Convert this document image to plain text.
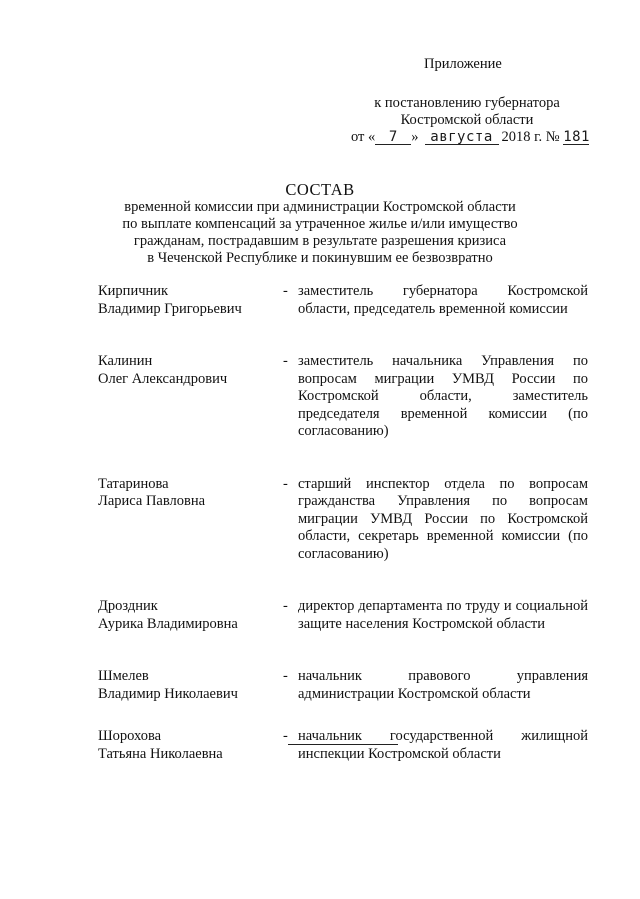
Приложение
к постановлению губернатора
Костромской области
от « 7 » августа 2018 г. № 181
СОСТАВ
временной комиссии при администрации Костромской области
по выплате компенсаций за утраченное жилье и/или имущество
гражданам, пострадавшим в результате разрешения кризиса
в Чеченской Республике и покинувшим ее безвозвратно
Кирпичник
Владимир Григорьевич
- заместитель губернатора Костромской области, председатель временной комиссии
Калинин
Олег Александрович
- заместитель начальника Управления по вопросам миграции УМВД России по Костромской области, заместитель председателя временной комиссии (по согласованию)
Татаринова
Лариса Павловна
- старший инспектор отдела по вопросам гражданства Управления по вопросам миграции УМВД России по Костромской области, секретарь временной комиссии (по согласованию)
Дроздник
Аурика Владимировна
- директор департамента по труду и социальной защите населения Костромской области
Шмелев
Владимир Николаевич
- начальник правового управления администрации Костромской области
Шорохова
Татьяна Николаевна
- начальник государственной жилищной инспекции Костромской области
